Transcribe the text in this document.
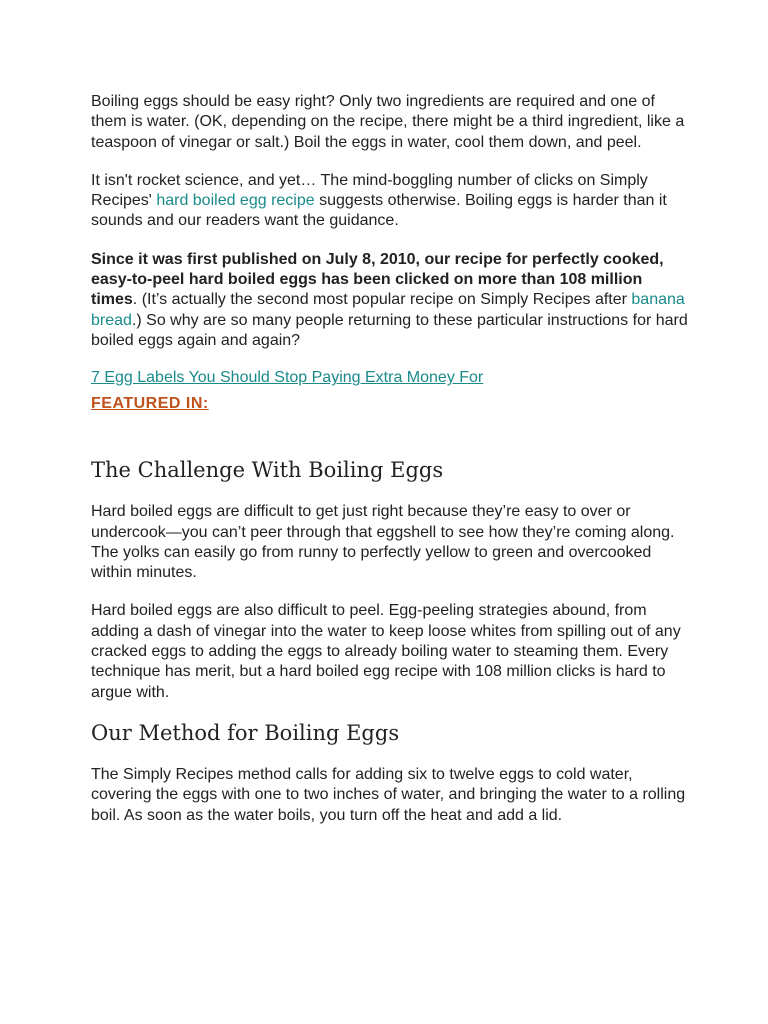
Boiling eggs should be easy right? Only two ingredients are required and one of them is water. (OK, depending on the recipe, there might be a third ingredient, like a teaspoon of vinegar or salt.) Boil the eggs in water, cool them down, and peel.

It isn't rocket science, and yet… The mind-boggling number of clicks on Simply Recipes' hard boiled egg recipe suggests otherwise. Boiling eggs is harder than it sounds and our readers want the guidance.

Since it was first published on July 8, 2010, our recipe for perfectly cooked, easy-to-peel hard boiled eggs has been clicked on more than 108 million times. (It’s actually the second most popular recipe on Simply Recipes after banana bread.) So why are so many people returning to these particular instructions for hard boiled eggs again and again?

7 Egg Labels You Should Stop Paying Extra Money For
FEATURED IN:
The Challenge With Boiling Eggs

Hard boiled eggs are difficult to get just right because they’re easy to over or undercook—you can’t peer through that eggshell to see how they’re coming along. The yolks can easily go from runny to perfectly yellow to green and overcooked within minutes.

Hard boiled eggs are also difficult to peel. Egg-peeling strategies abound, from adding a dash of vinegar into the water to keep loose whites from spilling out of any cracked eggs to adding the eggs to already boiling water to steaming them. Every technique has merit, but a hard boiled egg recipe with 108 million clicks is hard to argue with.

Our Method for Boiling Eggs

The Simply Recipes method calls for adding six to twelve eggs to cold water, covering the eggs with one to two inches of water, and bringing the water to a rolling boil. As soon as the water boils, you turn off the heat and add a lid.
